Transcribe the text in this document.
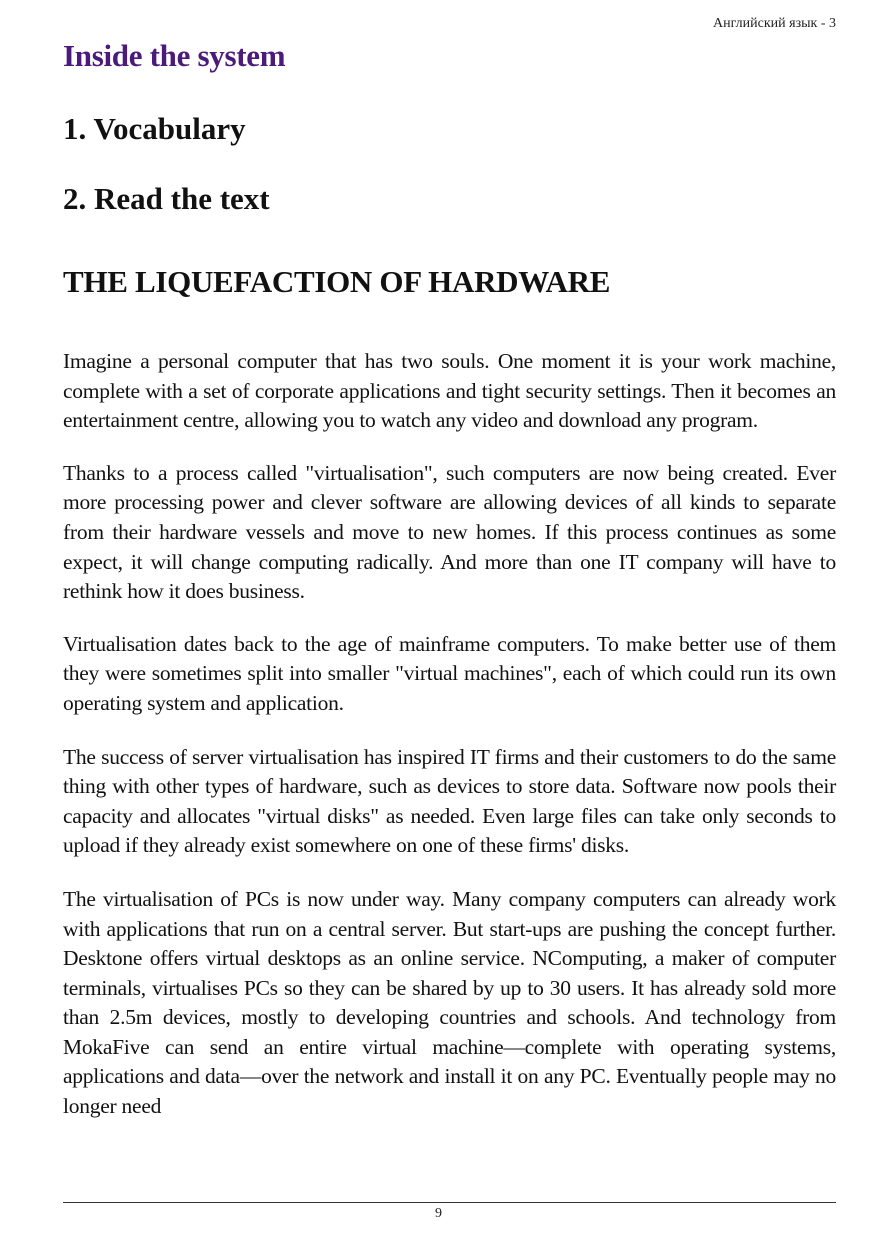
Английский язык - 3
Inside the system
1. Vocabulary
2. Read the text
THE LIQUEFACTION OF HARDWARE

Imagine a personal computer that has two souls. One moment it is your work machine, complete with a set of corporate applications and tight security settings. Then it becomes an entertainment centre, allowing you to watch any video and download any program.

Thanks to a process called "virtualisation", such computers are now being created. Ever more processing power and clever software are allowing devices of all kinds to separate from their hardware vessels and move to new homes. If this process continues as some expect, it will change computing radically. And more than one IT company will have to rethink how it does business.

Virtualisation dates back to the age of mainframe computers. To make better use of them they were sometimes split into smaller "virtual machines", each of which could run its own operating system and application.

The success of server virtualisation has inspired IT firms and their customers to do the same thing with other types of hardware, such as devices to store data. Software now pools their capacity and allocates "virtual disks" as needed. Even large files can take only seconds to upload if they already exist somewhere on one of these firms' disks.

The virtualisation of PCs is now under way. Many company computers can already work with applications that run on a central server. But start-ups are pushing the concept further. Desktone offers virtual desktops as an online service. NComputing, a maker of computer terminals, virtualises PCs so they can be shared by up to 30 users. It has already sold more than 2.5m devices, mostly to developing countries and schools. And technology from MokaFive can send an entire virtual machine—complete with operating systems, applications and data—over the network and install it on any PC. Eventually people may no longer need

9
